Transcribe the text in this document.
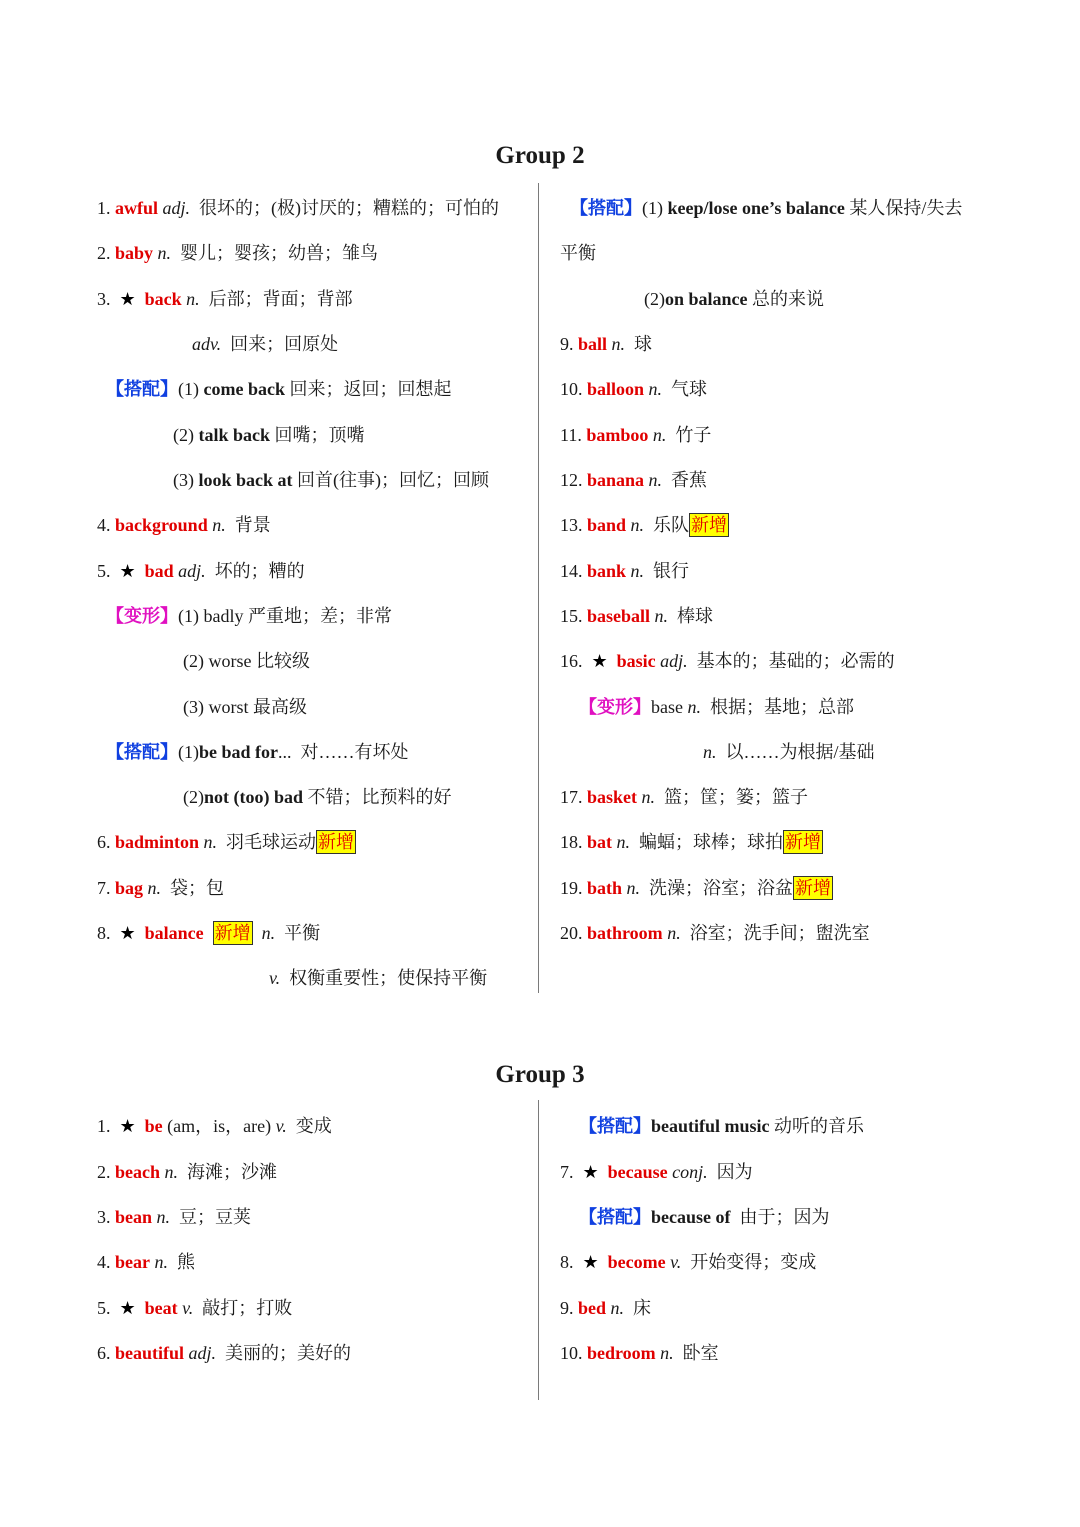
Group 2
1. awful adj. 很坏的；(极)讨厌的；糟糕的；可怕的
2. baby n. 婴儿；婴孩；幼兽；雏鸟
3. ★ back n. 后部；背面；背部
adv. 回来；回原处
【搭配】(1) come back 回来；返回；回想起
(2) talk back 回嘴；顶嘴
(3) look back at 回首(往事)；回忆；回顾
4. background n. 背景
5. ★ bad adj. 坏的；糟的
【变形】(1) badly 严重地；差；非常
(2) worse 比较级
(3) worst 最高级
【搭配】(1)be bad for... 对……有坏处
(2)not (too) bad 不错；比预料的好
6. badminton n. 羽毛球运动 新增
7. bag n. 袋；包
8. ★ balance 新增 n. 平衡
v. 权衡重要性；使保持平衡
【搭配】(1) keep/lose one’s balance 某人保持/失去
平衡
(2)on balance 总的来说
9. ball n. 球
10. balloon n. 气球
11. bamboo n. 竹子
12. banana n. 香蕉
13. band n. 乐队 新增
14. bank n. 银行
15. baseball n. 棒球
16. ★ basic adj. 基本的；基础的；必需的
【变形】base n. 根据；基地；总部
n. 以……为根据/基础
17. basket n. 篮；筐；篓；篮子
18. bat n. 蝙蝠；球棒；球拍 新增
19. bath n. 洗澡；浴室；浴盆 新增
20. bathroom n. 浴室；洗手间；盥洗室
Group 3
1. ★ be (am，is，are) v. 变成
2. beach n. 海滩；沙滩
3. bean n. 豆；豆荚
4. bear n. 熊
5. ★ beat v. 敲打；打败
6. beautiful adj. 美丽的；美好的
【搭配】beautiful music 动听的音乐
7. ★ because conj. 因为
【搭配】because of 由于；因为
8. ★ become v. 开始变得；变成
9. bed n. 床
10. bedroom n. 卧室
